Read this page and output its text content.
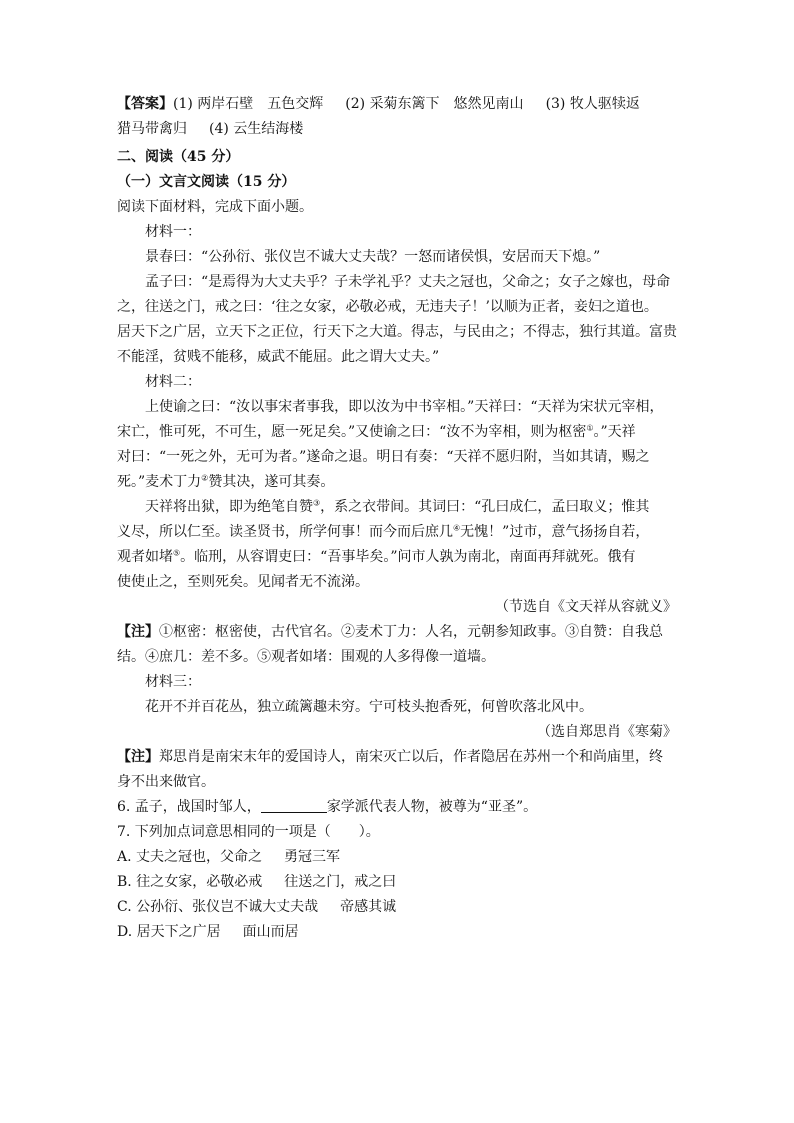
【答案】(1) 两岸石壁　五色交辉 (2) 采菊东篱下　悠然见南山 (3) 牧人驱犊返
猎马带禽归 (4) 云生结海楼
二、阅读（45 分）
（一）文言文阅读（15 分）
阅读下面材料，完成下面小题。
材料一：
景春曰：“公孙衍、张仪岂不诚大丈夫哉？一怒而诸侯惧，安居而天下熄。”
孟子曰：“是焉得为大丈夫乎？子未学礼乎？丈夫之冠也，父命之；女子之嫁也，母命
之，往送之门，戒之曰：‘往之女家，必敬必戒，无违夫子！’以顺为正者，妾妇之道也。
居天下之广居，立天下之正位，行天下之大道。得志，与民由之；不得志，独行其道。富贵
不能淫，贫贱不能移，威武不能屈。此之谓大丈夫。”
材料二：
上使谕之曰：“汝以事宋者事我，即以汝为中书宰相。”天祥曰：“天祥为宋状元宰相，
宋亡，惟可死，不可生，愿一死足矣。”又使谕之曰：“汝不为宰相，则为枢密①。”天祥
对曰：“一死之外，无可为者。”遂命之退。明日有奏：“天祥不愿归附，当如其请，赐之
死。”麦术丁力②赞其决，遂可其奏。
天祥将出狱，即为绝笔自赞③，系之衣带间。其词曰：“孔曰成仁，孟曰取义；惟其
义尽，所以仁至。读圣贤书，所学何事！而今而后庶几④无愧！”过市，意气扬扬自若，
观者如堵⑤。临刑，从容谓吏曰：“吾事毕矣。”问市人孰为南北，南面再拜就死。俄有
使使止之，至则死矣。见闻者无不流涕。
（节选自《文天祥从容就义》
【注】①枢密：枢密使，古代官名。②麦术丁力：人名，元朝参知政事。③自赞：自我总
结。④庶几：差不多。⑤观者如堵：围观的人多得像一道墙。
材料三：
花开不并百花丛，独立疏篱趣未穷。宁可枝头抱香死，何曾吹落北风中。
（选自郑思肖《寒菊》
【注】郑思肖是南宋末年的爱国诗人，南宋灭亡以后，作者隐居在苏州一个和尚庙里，终
身不出来做官。
6. 孟子，战国时邹人，	家学派代表人物，被尊为“亚圣”。
7. 下列加点词意思相同的一项是（　　）。
A. 丈夫之冠也，父命之 勇冠三军
B. 往之女家，必敬必戒 往送之门，戒之曰
C. 公孙衍、张仪岂不诚大丈夫哉 帝感其诚
D. 居天下之广居 面山而居
